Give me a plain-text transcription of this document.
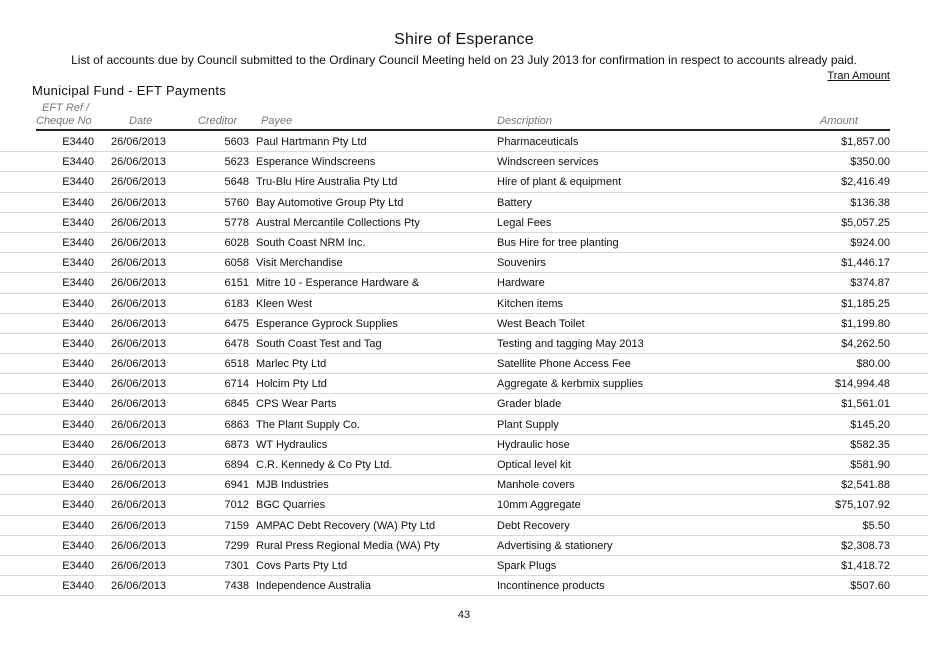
Shire of Esperance
List of accounts due by Council submitted to the Ordinary Council Meeting held on 23 July 2013 for confirmation in respect to accounts already paid.
Tran Amount
Municipal Fund - EFT Payments
EFT Ref /
Cheque No	Date	Creditor Payee	Description	Amount
E3440 26/06/2013	5603 Paul Hartmann Pty Ltd	Pharmaceuticals	$1,857.00
E3440 26/06/2013	5623 Esperance Windscreens	Windscreen services	$350.00
E3440 26/06/2013	5648 Tru-Blu Hire Australia Pty Ltd	Hire of plant & equipment	$2,416.49
E3440 26/06/2013	5760 Bay Automotive Group Pty Ltd	Battery	$136.38
E3440 26/06/2013	5778 Austral Mercantile Collections Pty	Legal Fees	$5,057.25
E3440 26/06/2013	6028 South Coast NRM Inc.	Bus Hire for tree planting	$924.00
E3440 26/06/2013	6058 Visit Merchandise	Souvenirs	$1,446.17
E3440 26/06/2013	6151 Mitre 10 - Esperance Hardware &	Hardware	$374.87
E3440 26/06/2013	6183 Kleen West	Kitchen items	$1,185.25
E3440 26/06/2013	6475 Esperance Gyprock Supplies	West Beach Toilet	$1,199.80
E3440 26/06/2013	6478 South Coast Test and Tag	Testing and tagging May 2013	$4,262.50
E3440 26/06/2013	6518 Marlec Pty Ltd	Satellite Phone Access Fee	$80.00
E3440 26/06/2013	6714 Holcim Pty Ltd	Aggregate & kerbmix supplies	$14,994.48
E3440 26/06/2013	6845 CPS Wear Parts	Grader blade	$1,561.01
E3440 26/06/2013	6863 The Plant Supply Co.	Plant Supply	$145.20
E3440 26/06/2013	6873 WT Hydraulics	Hydraulic hose	$582.35
E3440 26/06/2013	6894 C.R. Kennedy & Co Pty Ltd.	Optical level kit	$581.90
E3440 26/06/2013	6941 MJB Industries	Manhole covers	$2,541.88
E3440 26/06/2013	7012 BGC Quarries	10mm Aggregate	$75,107.92
E3440 26/06/2013	7159 AMPAC Debt Recovery (WA) Pty Ltd	Debt Recovery	$5.50
E3440 26/06/2013	7299 Rural Press Regional Media (WA) Pty	Advertising & stationery	$2,308.73
E3440 26/06/2013	7301 Covs Parts Pty Ltd	Spark Plugs	$1,418.72
E3440 26/06/2013	7438 Independence Australia	Incontinence products	$507.60
43
